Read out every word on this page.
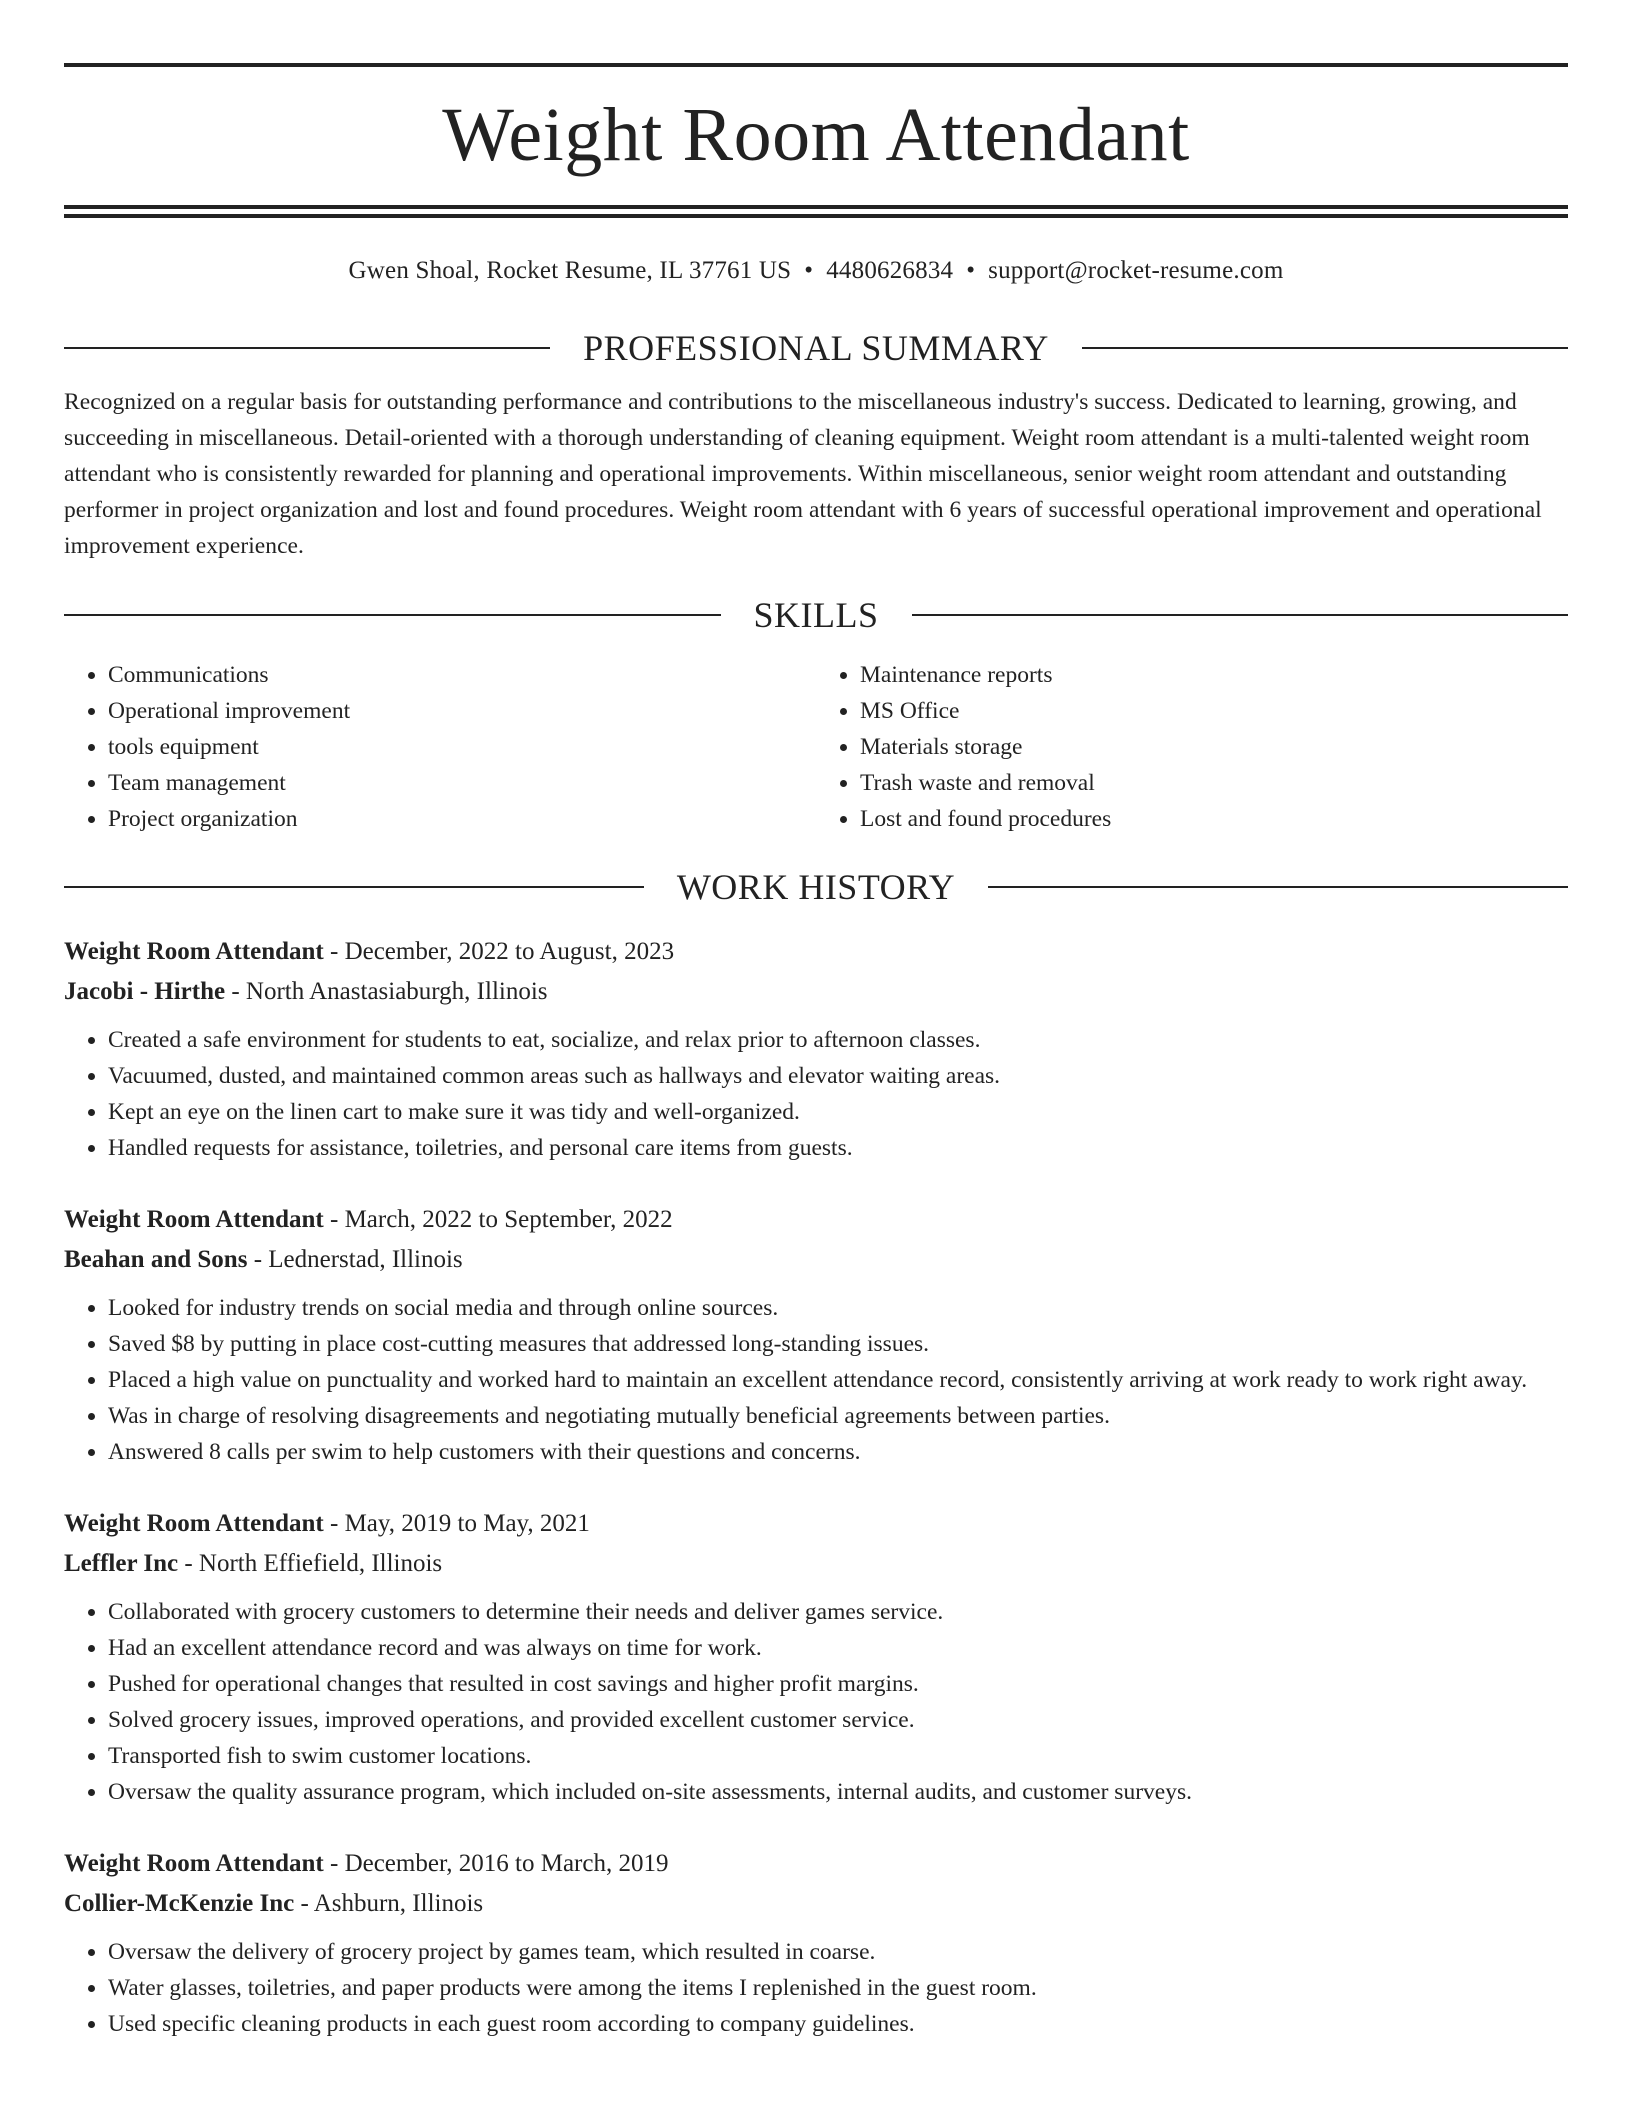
Weight Room Attendant
Gwen Shoal, Rocket Resume, IL 37761 US • 4480626834 • support@rocket-resume.com
PROFESSIONAL SUMMARY
Recognized on a regular basis for outstanding performance and contributions to the miscellaneous industry's success. Dedicated to learning, growing, and succeeding in miscellaneous. Detail-oriented with a thorough understanding of cleaning equipment. Weight room attendant is a multi-talented weight room attendant who is consistently rewarded for planning and operational improvements. Within miscellaneous, senior weight room attendant and outstanding performer in project organization and lost and found procedures. Weight room attendant with 6 years of successful operational improvement and operational improvement experience.
SKILLS
• Communications
• Operational improvement
• tools equipment
• Team management
• Project organization
• Maintenance reports
• MS Office
• Materials storage
• Trash waste and removal
• Lost and found procedures
WORK HISTORY
Weight Room Attendant - December, 2022 to August, 2023
Jacobi - Hirthe - North Anastasiaburgh, Illinois
• Created a safe environment for students to eat, socialize, and relax prior to afternoon classes.
• Vacuumed, dusted, and maintained common areas such as hallways and elevator waiting areas.
• Kept an eye on the linen cart to make sure it was tidy and well-organized.
• Handled requests for assistance, toiletries, and personal care items from guests.
Weight Room Attendant - March, 2022 to September, 2022
Beahan and Sons - Lednerstad, Illinois
• Looked for industry trends on social media and through online sources.
• Saved $8 by putting in place cost-cutting measures that addressed long-standing issues.
• Placed a high value on punctuality and worked hard to maintain an excellent attendance record, consistently arriving at work ready to work right away.
• Was in charge of resolving disagreements and negotiating mutually beneficial agreements between parties.
• Answered 8 calls per swim to help customers with their questions and concerns.
Weight Room Attendant - May, 2019 to May, 2021
Leffler Inc - North Effiefield, Illinois
• Collaborated with grocery customers to determine their needs and deliver games service.
• Had an excellent attendance record and was always on time for work.
• Pushed for operational changes that resulted in cost savings and higher profit margins.
• Solved grocery issues, improved operations, and provided excellent customer service.
• Transported fish to swim customer locations.
• Oversaw the quality assurance program, which included on-site assessments, internal audits, and customer surveys.
Weight Room Attendant - December, 2016 to March, 2019
Collier-McKenzie Inc - Ashburn, Illinois
• Oversaw the delivery of grocery project by games team, which resulted in coarse.
• Water glasses, toiletries, and paper products were among the items I replenished in the guest room.
• Used specific cleaning products in each guest room according to company guidelines.
